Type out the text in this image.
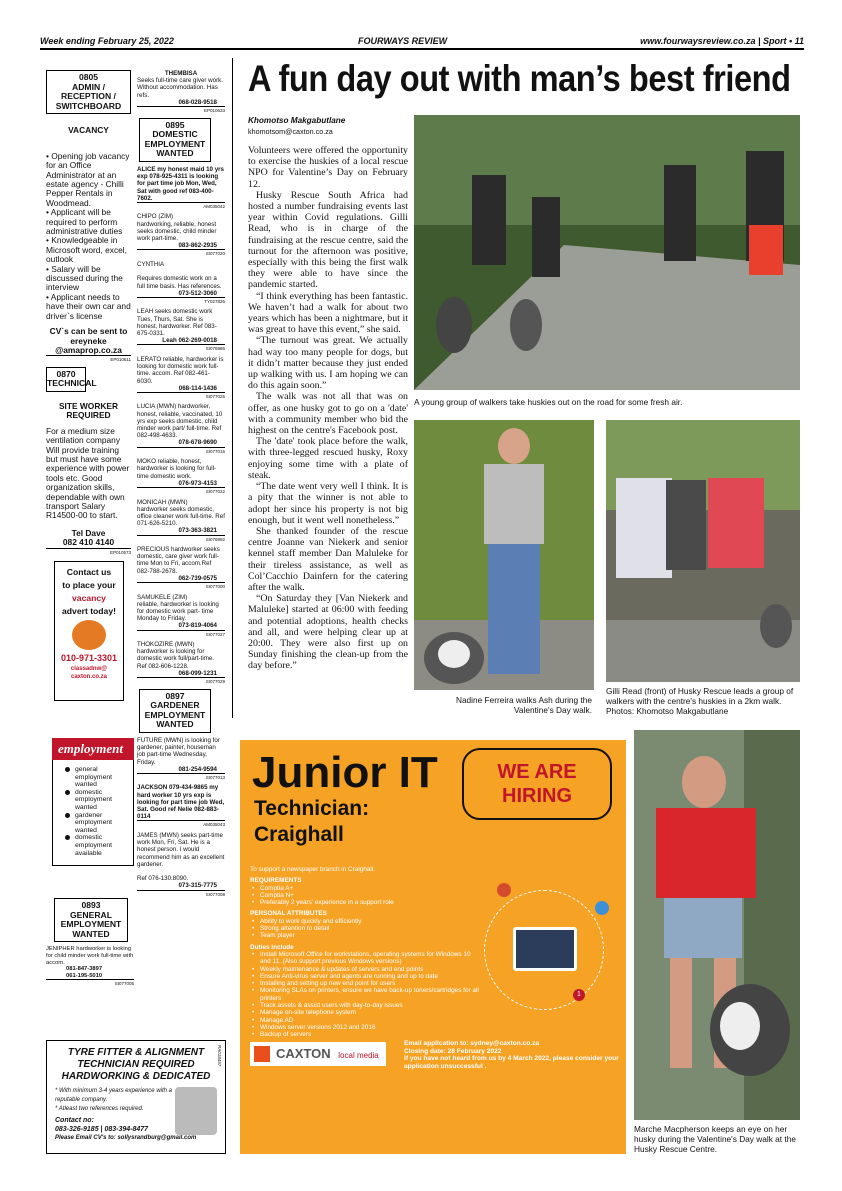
Week ending February 25, 2022	FOURWAYS REVIEW	www.fourwaysreview.co.za | Sport • 11
0805
ADMIN / RECEPTION /
SWITCHBOARD
VACANCY
• Opening job vacancy for an Office Administrator at an estate agency - Chilli Pepper Rentals in Woodmead.
• Applicant will be required to perform administrative duties
• Knowledgeable in Microsoft word, excel, outlook
• Salary will be discussed during the interview
• Applicant needs to have their own car and driver`s license
CV`s can be sent to ereyneke @amaprop.co.za
EP010611
0870
TECHNICAL
SITE WORKER REQUIRED
For a medium size ventilation company Will provide training but must have some experience with power tools etc. Good organization skills, dependable with own transport Salary R14500-00 to start.
Tel Dave
082 410 4140
EP010573
Contact us
to place your
vacancy
advert today!
010-971-3301
classadnw@
caxton.co.za
employment
general employment wanted
domestic employment wanted
gardener employment wanted
domestic employment available
0893
GENERAL
EMPLOYMENT
WANTED
JENIPHER hardworker is looking for child minder work full-time with accom.
081-847-3897
061-195-5010
SI077005
THEMBISA
Seeks full-time care giver work. Without accommodation. Has refs.
068-028-9518
EP010633
0895
DOMESTIC
EMPLOYMENT
WANTED
ALICE my honest maid 10 yrs exp 078-925-4311 is looking for part time job Mon, Wed, Sat with good ref 083-400-7602.
AM035042
CHIPO (ZIM)
hardworking, reliable, honest seeks domestic, child minder work part-time.
083-862-2935
SI077020
CYNTHIA

Requires domestic work on a full time basis. Has references.
073-512-3060
TY027826
LEAH seeks domestic work Tues, Thurs, Sat. She is honest, hardworker. Ref 083-675-0331.
Leah 062-269-0018
SI076986
LERATO reliable, hardworker is looking for domestic work full-time. accom. Ref 082-461-6030.
068-114-1436
SI077025
LUCIA (MWN) hardworker, honest, reliable, vaccinated, 10 yrs exp seeks domestic, child minder work part/ full-time. Ref 082-498-4633.
078-678-9690
SI077015
MOKO reliable, honest, hardworker is looking for full- time domestic work.
076-973-4153
SI077022
MONICAH (MWN)
hardworker seeks domestic, office cleaner work full-time. Ref 071-626-5210.
073-363-3821
SI076992
PRECIOUS hardworker seeks domestic, care giver work full-time Mon to Fri, accom.Ref 082-788-2678.
062-739-0575
SI077000
SAMUKELE (ZIM)
reliable, hardworker is looking for domestic work part- time Monday to Friday.
073-819-4064
SI077027
THOKOZIRE (MWN)
hardworker is looking for domestic work full/part-time. Ref 082-606-1228.
068-099-1231
SI077029
0897
GARDENER
EMPLOYMENT
WANTED
FUTURE (MWN) is looking for gardener, painter, houseman job part-time Wednesday, Friday.
081-254-9594
SI077013
JACKSON 079-434-9865 my hard worker 10 yrs exp is looking for part time job Wed, Sat. Good ref Nelie 082-883-0114
AM035043
JAMES (MWN) seeks part-time work Mon, Fri, Sat. He is a honest person. I would recommend him as an excellent gardener.

Ref 076-130.8090.
073-315-7775
SI077008
TYRE FITTER & ALIGNMENT TECHNICIAN REQUIRED HARDWORKING & DEDICATED
* With minimum 3-4 years experience with a reputable company.
* Atleast two references required.
Contact no:
083-326-9185 | 083-394-8477
Please Email CV's to: sollysrandburg@gmail.com
RA018457
A fun day out with man’s best friend
Khomotso Makgabutlane
khomotsom@caxton.co.za

Volunteers were offered the opportunity to exercise the huskies of a local rescue NPO for Valentine’s Day on February 12.

Husky Rescue South Africa had hosted a number fundraising events last year within Covid regulations. Gilli Read, who is in charge of the fundraising at the rescue centre, said the turnout for the afternoon was positive, especially with this being the first walk they were able to have since the pandemic started.

“I think everything has been fantastic. We haven’t had a walk for about two years which has been a nightmare, but it was great to have this event,” she said.

“The turnout was great. We actually had way too many people for dogs, but it didn’t matter because they just ended up walking with us. I am hoping we can do this again soon.”

The walk was not all that was on offer, as one husky got to go on a 'date' with a community member who bid the highest on the centre's Facebook post.

The 'date' took place before the walk, with three-legged rescued husky, Roxy enjoying some time with a plate of steak.

“The date went very well I think. It is a pity that the winner is not able to adopt her since his property is not big enough, but it went well nonetheless.”

She thanked founder of the rescue centre Joanne van Niekerk and senior kennel staff member Dan Maluleke for their tireless assistance, as well as Col’Cacchio Dainfern for the catering after the walk.

“On Saturday they [Van Niekerk and Maluleke] started at 06:00 with feeding and potential adoptions, health checks and all, and were helping clear up at 20:00. They were also first up on Sunday finishing the clean-up from the day before.”

A young group of walkers take huskies out on the road for some fresh air.
Nadine Ferreira walks Ash during the Valentine's Day walk.
Gilli Read (front) of Husky Rescue leads a group of walkers with the centre's huskies in a 2km walk. Photos: Khomotso Makgabutlane
Marche Macpherson keeps an eye on her husky during the Valentine's Day walk at the Husky Rescue Centre.
Junior IT
Technician:
Craighall
WE ARE
HIRING
To support a newspaper branch in Craighall.
REQUIREMENTS
• Comptia A+
• Comptia N+
• Preferably 2 years' experience in a support role
PERSONAL ATTRIBUTES
• Ability to work quickly and efficiently
• Strong attention to detail
• Team player
Duties include
• Install Microsoft Office for workstations, operating systems for Windows 10 and 11. (Also support previous Windows versions)
• Weekly maintenance & updates of servers and end points
• Ensure Anti-virus server and agents are running and up to date
• Installing and setting up new end point for users
• Monitoring SLAs on printers, ensure we have back-up toners/cartridges for all printers
• Track assets & assist users with day-to-day issues
• Manage on-site telephone system
• Manage AD
• Windows server versions 2012 and 2016
• Backup of servers
1
CAXTON local media
Email application to: sydney@caxton.co.za
Closing date: 28 February 2022
If you have not heard from us by 4 March 2022, please consider your application unsuccessful .
